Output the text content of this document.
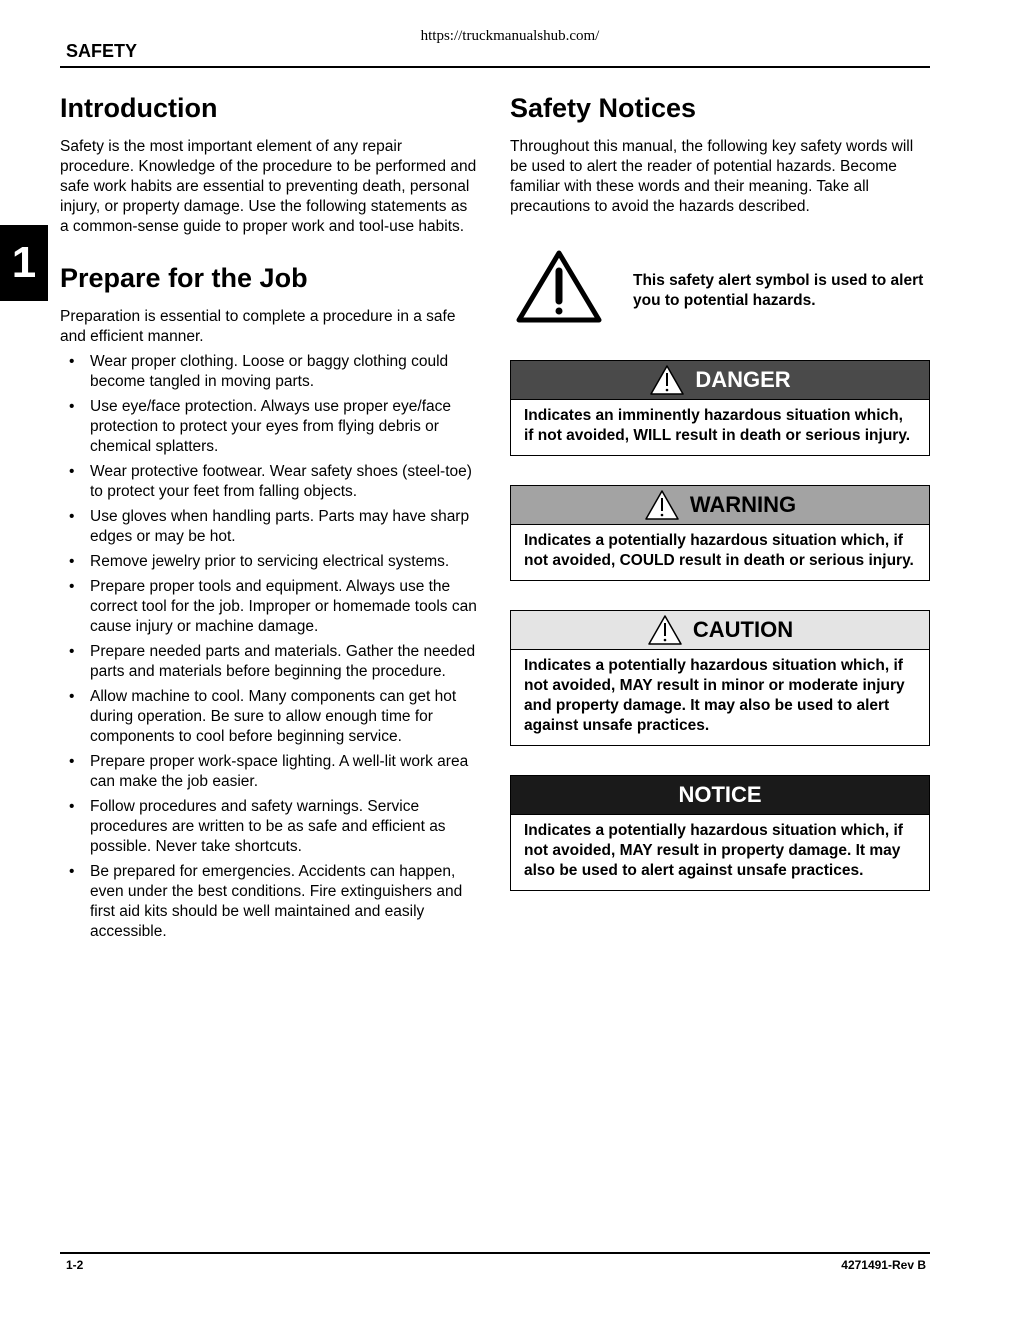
https://truckmanualshub.com/
SAFETY
1
Introduction

Safety is the most important element of any repair procedure. Knowledge of the procedure to be performed and safe work habits are essential to preventing death, personal injury, or property damage. Use the following statements as a common-sense guide to proper work and tool-use habits.

Prepare for the Job

Preparation is essential to complete a procedure in a safe and efficient manner.

• Wear proper clothing. Loose or baggy clothing could become tangled in moving parts.
• Use eye/face protection. Always use proper eye/face protection to protect your eyes from flying debris or chemical splatters.
• Wear protective footwear. Wear safety shoes (steel-toe) to protect your feet from falling objects.
• Use gloves when handling parts. Parts may have sharp edges or may be hot.
• Remove jewelry prior to servicing electrical systems.
• Prepare proper tools and equipment. Always use the correct tool for the job. Improper or homemade tools can cause injury or machine damage.
• Prepare needed parts and materials. Gather the needed parts and materials before beginning the procedure.
• Allow machine to cool. Many components can get hot during operation. Be sure to allow enough time for components to cool before beginning service.
• Prepare proper work-space lighting. A well-lit work area can make the job easier.
• Follow procedures and safety warnings. Service procedures are written to be as safe and efficient as possible. Never take shortcuts.
• Be prepared for emergencies. Accidents can happen, even under the best conditions. Fire extinguishers and first aid kits should be well maintained and easily accessible.
Safety Notices

Throughout this manual, the following key safety words will be used to alert the reader of potential hazards. Become familiar with these words and their meaning. Take all precautions to avoid the hazards described.

This safety alert symbol is used to alert you to potential hazards.
DANGER
Indicates an imminently hazardous situation which, if not avoided, WILL result in death or serious injury.
WARNING
Indicates a potentially hazardous situation which, if not avoided, COULD result in death or serious injury.
CAUTION
Indicates a potentially hazardous situation which, if not avoided, MAY result in minor or moderate injury and property damage. It may also be used to alert against unsafe practices.
NOTICE
Indicates a potentially hazardous situation which, if not avoided, MAY result in property damage. It may also be used to alert against unsafe practices.
1-2	4271491-Rev B
